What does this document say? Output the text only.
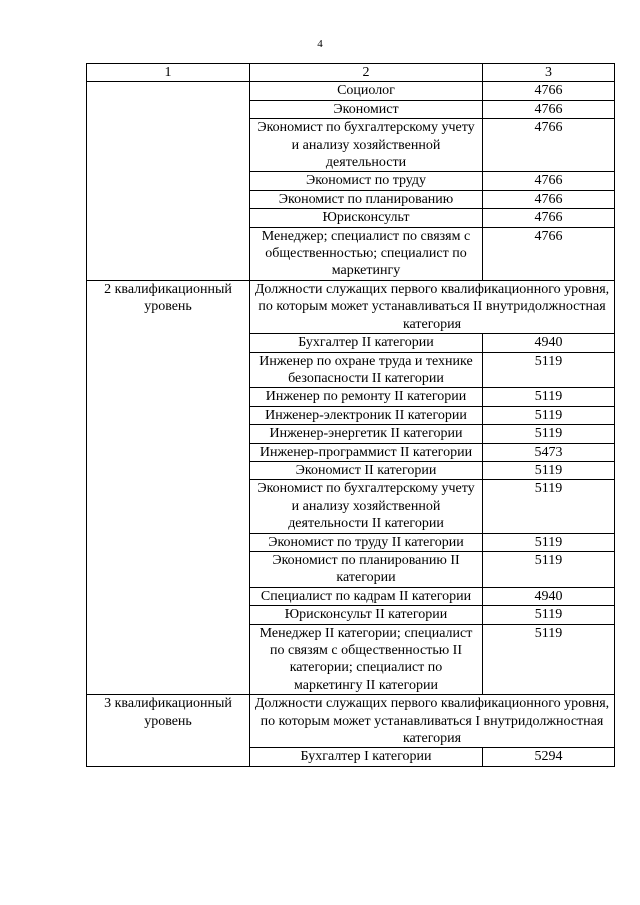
4
1	2	3
	Социолог	4766
	Экономист	4766
	Экономист по бухгалтерскому учету и анализу хозяйственной деятельности	4766
	Экономист по труду	4766
	Экономист по планированию	4766
	Юрисконсульт	4766
	Менеджер; специалист по связям с общественностью; специалист по маркетингу	4766
2 квалификационный уровень	Должности служащих первого квалификационного уровня, по которым может устанавливаться II внутридолжностная категория	
	Бухгалтер II категории	4940
	Инженер по охране труда и технике безопасности II категории	5119
	Инженер по ремонту II категории	5119
	Инженер-электроник II категории	5119
	Инженер-энергетик II категории	5119
	Инженер-программист II категории	5473
	Экономист II категории	5119
	Экономист по бухгалтерскому учету и анализу хозяйственной деятельности II категории	5119
	Экономист по труду II категории	5119
	Экономист по планированию II категории	5119
	Специалист по кадрам II категории	4940
	Юрисконсульт II категории	5119
	Менеджер II категории; специалист по связям с общественностью II категории; специалист по маркетингу II категории	5119
3 квалификационный уровень	Должности служащих первого квалификационного уровня, по которым может устанавливаться I внутридолжностная категория	
	Бухгалтер I категории	5294
